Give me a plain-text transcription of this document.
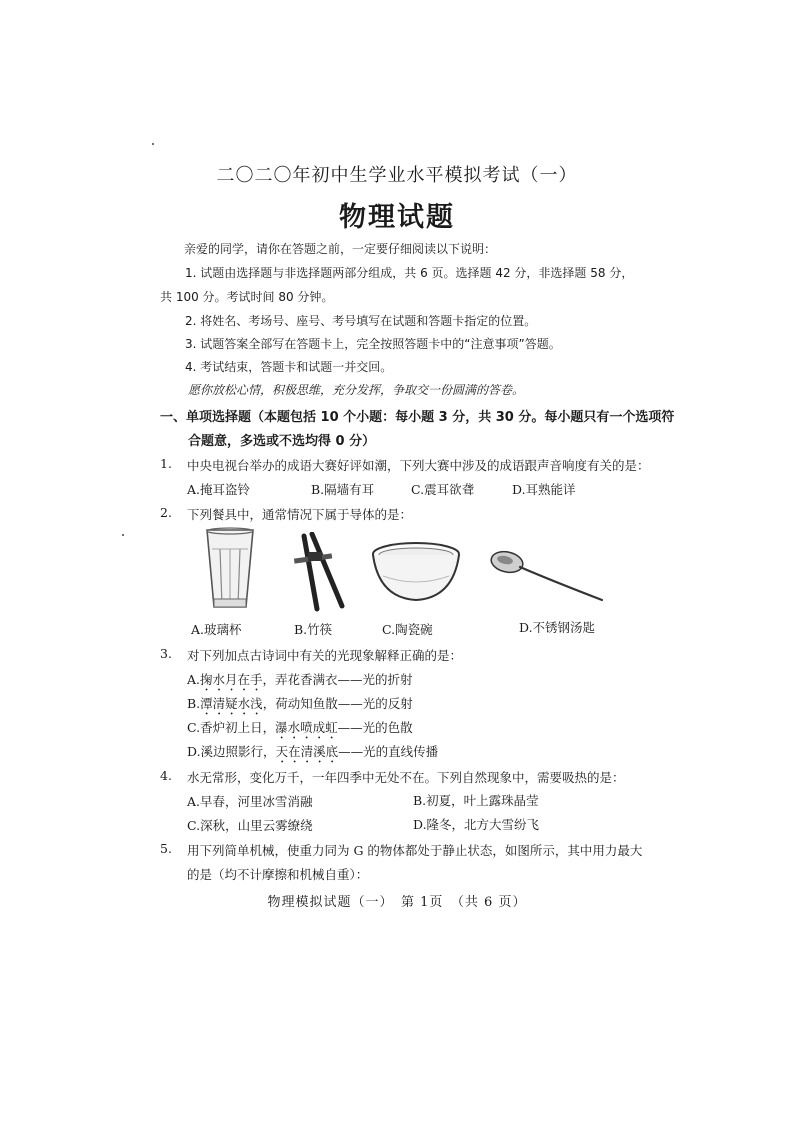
二〇二〇年初中生学业水平模拟考试（一）
物理试题
亲爱的同学，请你在答题之前，一定要仔细阅读以下说明：
1. 试题由选择题与非选择题两部分组成，共 6 页。选择题 42 分，非选择题 58 分，
共 100 分。考试时间 80 分钟。
2. 将姓名、考场号、座号、考号填写在试题和答题卡指定的位置。
3. 试题答案全部写在答题卡上，完全按照答题卡中的“注意事项”答题。
4. 考试结束，答题卡和试题一并交回。
愿你放松心情，积极思维，充分发挥，争取交一份圆满的答卷。
一、单项选择题（本题包括 10 个小题：每小题 3 分，共 30 分。每小题只有一个选项符
合题意，多选或不选均得 0 分）
1. 中央电视台举办的成语大赛好评如潮，下列大赛中涉及的成语跟声音响度有关的是：
A.掩耳盗铃	B.隔墙有耳	C.震耳欲聋	D.耳熟能详
2. 下列餐具中，通常情况下属于导体的是：
A.玻璃杯	B.竹筷	C.陶瓷碗	D.不锈钢汤匙
3. 对下列加点古诗词中有关的光现象解释正确的是：
A.掬水月在手，弄花香满衣——光的折射
B.潭清疑水浅，荷动知鱼散——光的反射
C.香炉初上日，瀑水喷成虹——光的色散
D.溪边照影行，天在清溪底——光的直线传播
4. 水无常形，变化万千，一年四季中无处不在。下列自然现象中，需要吸热的是：
A.早春，河里冰雪消融	B.初夏，叶上露珠晶莹
C.深秋，山里云雾缭绕	D.隆冬，北方大雪纷飞
5. 用下列简单机械，使重力同为 G 的物体都处于静止状态，如图所示，其中用力最大
的是（均不计摩擦和机械自重）：
物理模拟试题（一）　第 1页　（共 6 页）
